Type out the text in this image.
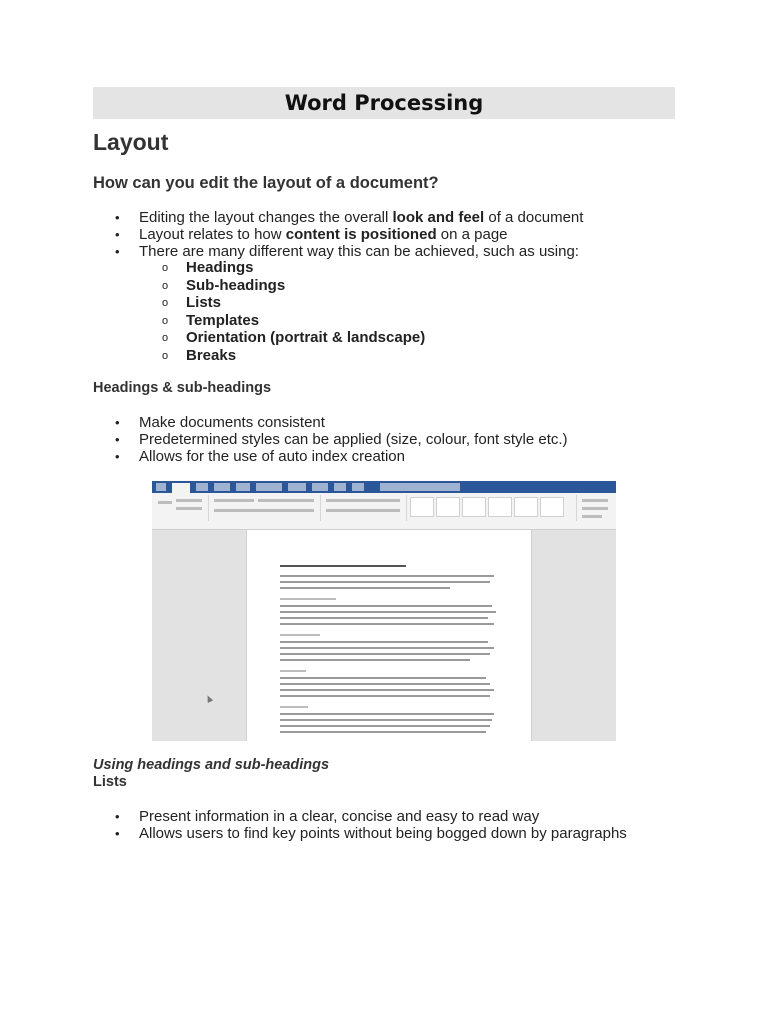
Word Processing
Layout
How can you edit the layout of a document?
• Editing the layout changes the overall look and feel of a document
• Layout relates to how content is positioned on a page
• There are many different way this can be achieved, such as using:
o Headings
o Sub-headings
o Lists
o Templates
o Orientation (portrait & landscape)
o Breaks
Headings & sub-headings
• Make documents consistent
• Predetermined styles can be applied (size, colour, font style etc.)
• Allows for the use of auto index creation

Using headings and sub-headings

Lists
• Present information in a clear, concise and easy to read way
• Allows users to find key points without being bogged down by paragraphs
